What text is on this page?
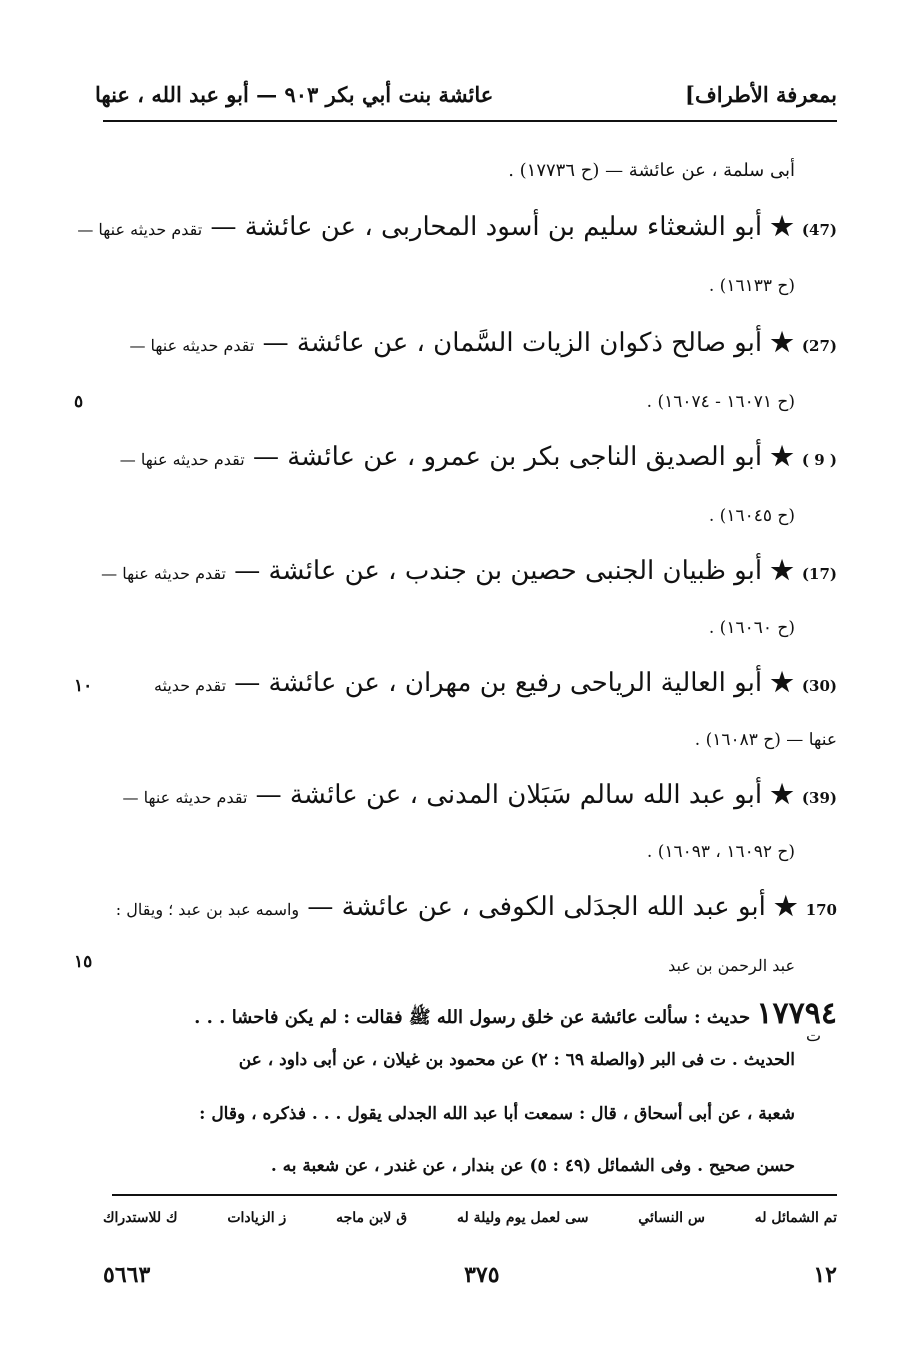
بمعرفة الأطراف]
عائشة بنت أبي بكر ٩٠٣ — أبو عبد الله ، عنها
أبى سلمة ، عن عائشة — (ح ١٧٧٣٦) .
(47) ★ أبو الشعثاء سليم بن أسود المحاربى ، عن عائشة — تقدم حديثه عنها —
(ح ١٦١٣٣) .
(27) ★ أبو صالح ذكوان الزيات السَّمان ، عن عائشة — تقدم حديثه عنها —
(ح ١٦٠٧١ - ١٦٠٧٤) .
٥
( 9 ) ★ أبو الصديق الناجى بكر بن عمرو ، عن عائشة — تقدم حديثه عنها —
(ح ١٦٠٤٥) .
(17) ★ أبو ظبيان الجنبى حصين بن جندب ، عن عائشة — تقدم حديثه عنها —
(ح ١٦٠٦٠) .
(30) ★ أبو العالية الرياحى رفيع بن مهران ، عن عائشة — تقدم حديثه
١٠
عنها — (ح ١٦٠٨٣) .
(39) ★ أبو عبد الله سالم سَبَلان المدنى ، عن عائشة — تقدم حديثه عنها —
(ح ١٦٠٩٢ ، ١٦٠٩٣) .
170 ★ أبو عبد الله الجدَلى الكوفى ، عن عائشة — واسمه عبد بن عبد ؛ ويقال :
عبد الرحمن بن عبد
١٥
١٧٧٩٤ حديث : سألت عائشة عن خلق رسول الله ﷺ فقالت : لم يكن فاحشا . . .
ت
الحديث . ت فى البر (والصلة ٦٩ : ٢) عن محمود بن غيلان ، عن أبى داود ، عن
شعبة ، عن أبى أسحاق ، قال : سمعت أبا عبد الله الجدلى يقول . . . فذكره ، وقال :
حسن صحيح . وفى الشمائل (٤٩ : ٥) عن بندار ، عن غندر ، عن شعبة به .
تم الشمائل له
س النسائي
سى لعمل يوم وليلة له
ق لابن ماجه
ز الزيادات
ك للاستدراك
١٢
٣٧٥
٥٦٦٣
